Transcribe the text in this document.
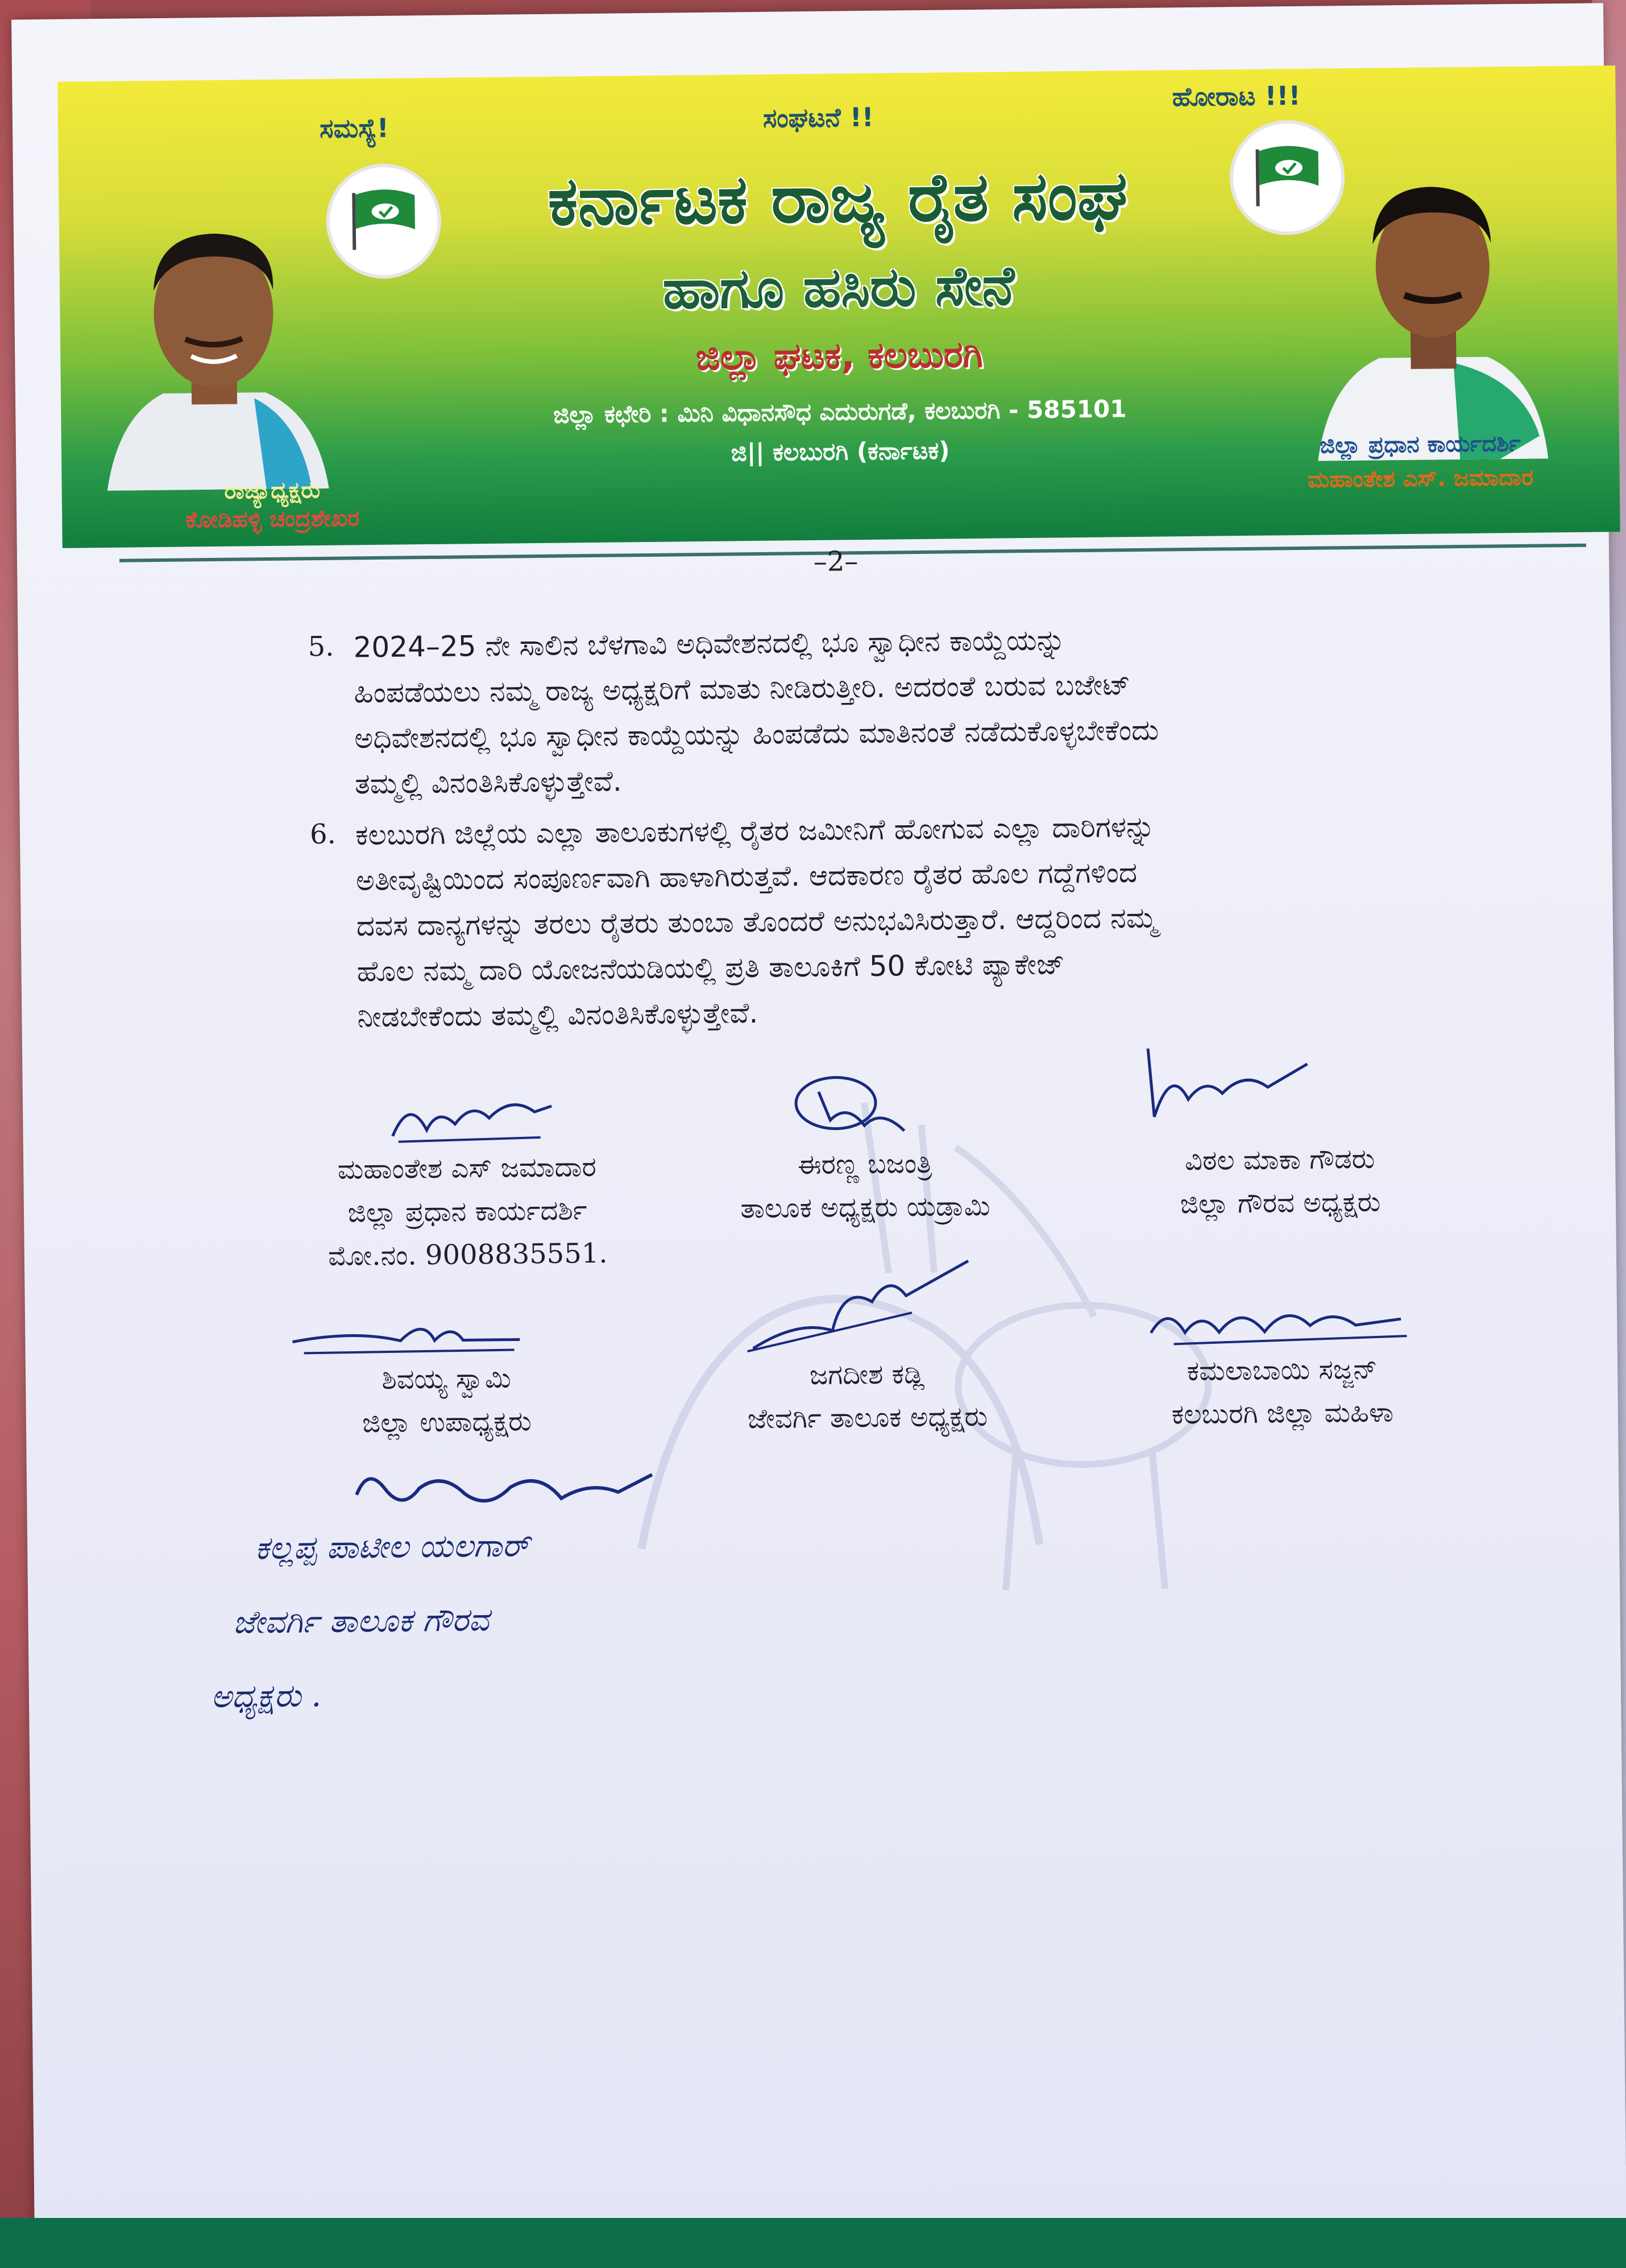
ಸಮಸ್ಯೆ!	ಸಂಘಟನೆ !!
ಹೋರಾಟ !!!
ಕರ್ನಾಟಕ ರಾಜ್ಯ ರೈತ ಸಂಘ
ಹಾಗೂ ಹಸಿರು ಸೇನೆ
ಜಿಲ್ಲಾ ಘಟಕ, ಕಲಬುರಗಿ
ಜಿಲ್ಲಾ ಕಛೇರಿ : ಮಿನಿ ವಿಧಾನಸೌಧ ಎದುರುಗಡೆ, ಕಲಬುರಗಿ - 585101
ಜಿ|| ಕಲಬುರಗಿ (ಕರ್ನಾಟಕ)
ರಾಜ್ಯಾಧ್ಯಕ್ಷರು
ಕೋಡಿಹಳ್ಳಿ ಚಂದ್ರಶೇಖರ
ಜಿಲ್ಲಾ ಪ್ರಧಾನ ಕಾರ್ಯದರ್ಶಿ
ಮಹಾಂತೇಶ ಎಸ್. ಜಮಾದಾರ
–2–
5. 2024–25 ನೇ ಸಾಲಿನ ಬೆಳಗಾವಿ ಅಧಿವೇಶನದಲ್ಲಿ ಭೂ ಸ್ವಾಧೀನ ಕಾಯ್ದೆಯನ್ನು
ಹಿಂಪಡೆಯಲು ನಮ್ಮ ರಾಜ್ಯ ಅಧ್ಯಕ್ಷರಿಗೆ ಮಾತು ನೀಡಿರುತ್ತೀರಿ. ಅದರಂತೆ ಬರುವ ಬಜೇಟ್
ಅಧಿವೇಶನದಲ್ಲಿ ಭೂ ಸ್ವಾಧೀನ ಕಾಯ್ದೆಯನ್ನು ಹಿಂಪಡೆದು ಮಾತಿನಂತೆ ನಡೆದುಕೊಳ್ಳಬೇಕೆಂದು
ತಮ್ಮಲ್ಲಿ ವಿನಂತಿಸಿಕೊಳ್ಳುತ್ತೇವೆ.
6. ಕಲಬುರಗಿ ಜಿಲ್ಲೆಯ ಎಲ್ಲಾ ತಾಲೂಕುಗಳಲ್ಲಿ ರೈತರ ಜಮೀನಿಗೆ ಹೋಗುವ ಎಲ್ಲಾ ದಾರಿಗಳನ್ನು
ಅತೀವೃಷ್ಟಿಯಿಂದ ಸಂಪೂರ್ಣವಾಗಿ ಹಾಳಾಗಿರುತ್ತವೆ. ಆದಕಾರಣ ರೈತರ ಹೊಲ ಗದ್ದೆಗಳಿಂದ
ದವಸ ದಾನ್ಯಗಳನ್ನು ತರಲು ರೈತರು ತುಂಬಾ ತೊಂದರೆ ಅನುಭವಿಸಿರುತ್ತಾರೆ. ಆದ್ದರಿಂದ ನಮ್ಮ
ಹೊಲ ನಮ್ಮ ದಾರಿ ಯೋಜನೆಯಡಿಯಲ್ಲಿ ಪ್ರತಿ ತಾಲೂಕಿಗೆ 50 ಕೋಟಿ ಪ್ಯಾಕೇಜ್
ನೀಡಬೇಕೆಂದು ತಮ್ಮಲ್ಲಿ ವಿನಂತಿಸಿಕೊಳ್ಳುತ್ತೇವೆ.
ಮಹಾಂತೇಶ ಎಸ್ ಜಮಾದಾರ
ಜಿಲ್ಲಾ ಪ್ರಧಾನ ಕಾರ್ಯದರ್ಶಿ
ಮೋ.ನಂ. 9008835551.
ಈರಣ್ಣ ಬಜಂತ್ರಿ
ತಾಲೂಕ ಅಧ್ಯಕ್ಷರು ಯಡ್ರಾಮಿ
ವಿಠಲ ಮಾಕಾ ಗೌಡರು
ಜಿಲ್ಲಾ ಗೌರವ ಅಧ್ಯಕ್ಷರು
ಶಿವಯ್ಯ ಸ್ವಾಮಿ
ಜಿಲ್ಲಾ ಉಪಾಧ್ಯಕ್ಷರು
ಜಗದೀಶ ಕಡ್ಲಿ
ಜೇವರ್ಗಿ ತಾಲೂಕ ಅಧ್ಯಕ್ಷರು
ಕಮಲಾಬಾಯಿ ಸಜ್ಜನ್
ಕಲಬುರಗಿ ಜಿಲ್ಲಾ ಮಹಿಳಾ
ಕಲ್ಲಪ್ಪ ಪಾಟೀಲ ಯಲಗಾರ್
ಜೇವರ್ಗಿ ತಾಲೂಕ ಗೌರವ
ಅಧ್ಯಕ್ಷರು .
